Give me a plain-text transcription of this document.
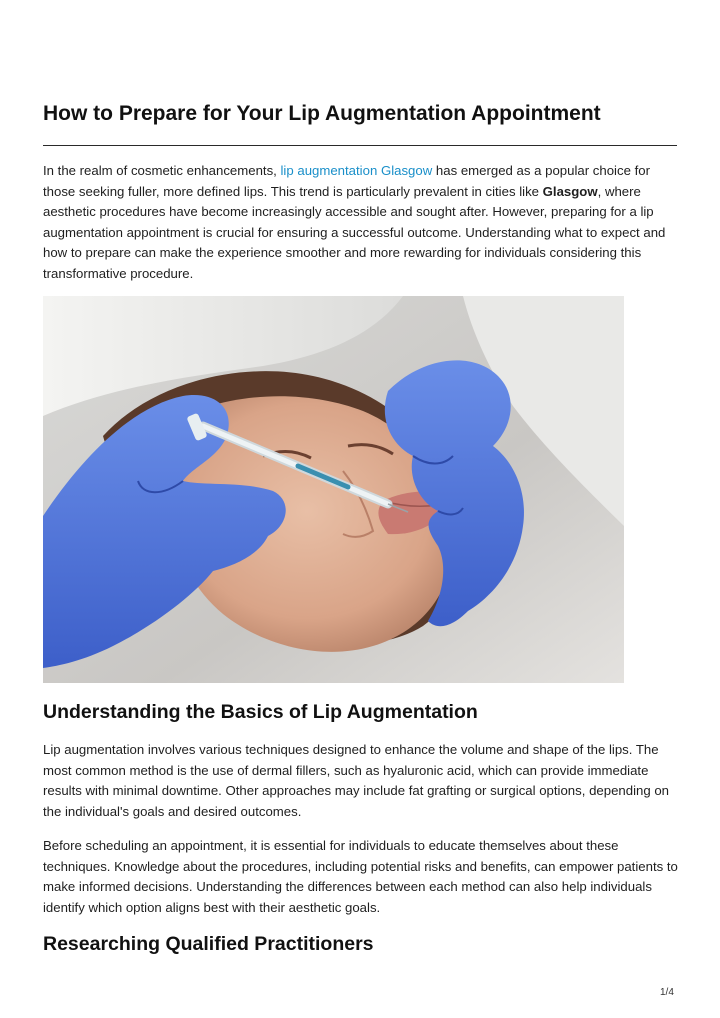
How to Prepare for Your Lip Augmentation Appointment

In the realm of cosmetic enhancements, lip augmentation Glasgow has emerged as a popular choice for those seeking fuller, more defined lips. This trend is particularly prevalent in cities like Glasgow, where aesthetic procedures have become increasingly accessible and sought after. However, preparing for a lip augmentation appointment is crucial for ensuring a successful outcome. Understanding what to expect and how to prepare can make the experience smoother and more rewarding for individuals considering this transformative procedure.

Understanding the Basics of Lip Augmentation

Lip augmentation involves various techniques designed to enhance the volume and shape of the lips. The most common method is the use of dermal fillers, such as hyaluronic acid, which can provide immediate results with minimal downtime. Other approaches may include fat grafting or surgical options, depending on the individual's goals and desired outcomes.

Before scheduling an appointment, it is essential for individuals to educate themselves about these techniques. Knowledge about the procedures, including potential risks and benefits, can empower patients to make informed decisions. Understanding the differences between each method can also help individuals identify which option aligns best with their aesthetic goals.

Researching Qualified Practitioners
1/4
